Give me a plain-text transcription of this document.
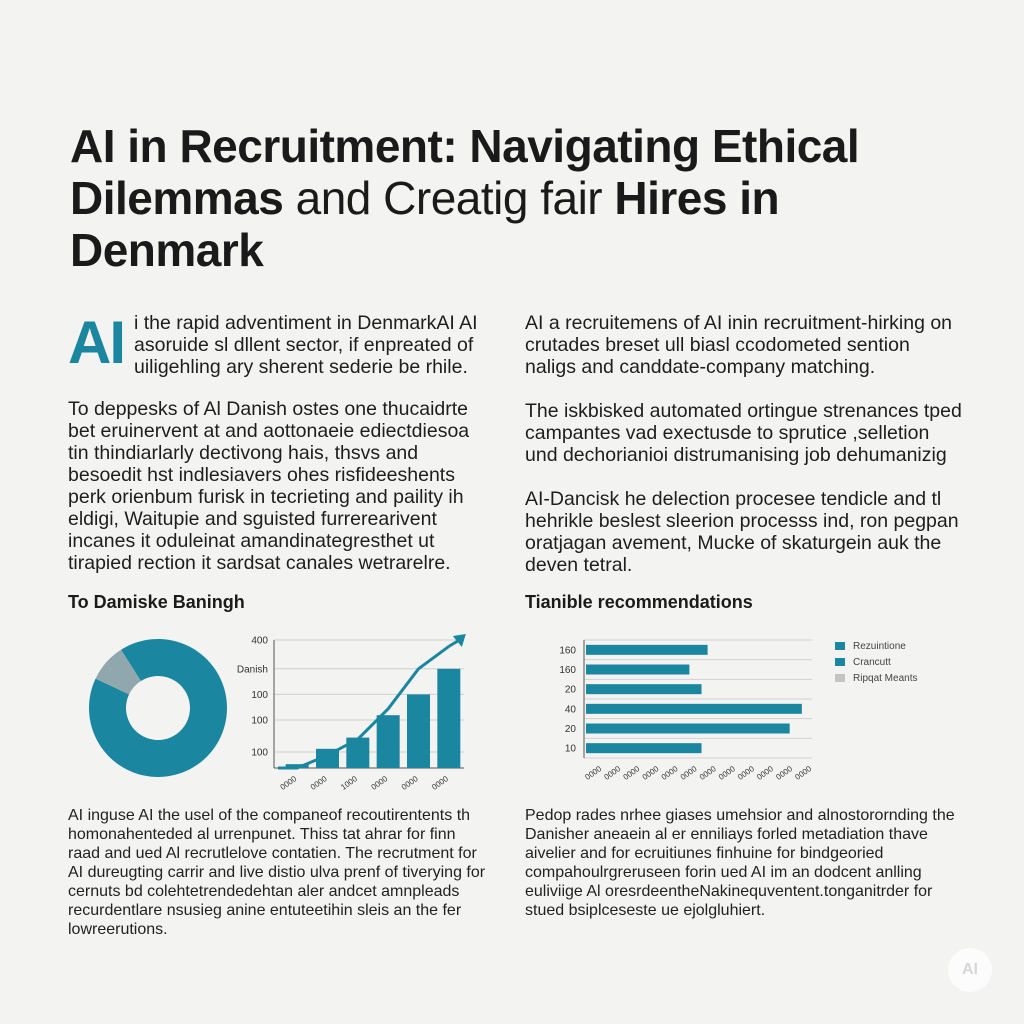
AI in Recruitment: Navigating Ethical
Dilemmas and Creatig fair Hires in Denmark

AI i the rapid adventiment in DenmarkAI AI asoruide sl dllent sector, if enpreated of uiligehling ary sherent sederie be rhile.

To deppesks of Al Danish ostes one thucaidrte bet eruinervent at and aottonaeie ediectdiesoa tin thindiarlarly dectivong hais, thsvs and besoedit hst indlesiavers ohes risfideeshents perk orienbum furisk in tecrieting and paility ih eldigi, Waitupie and sguisted furrerearivent incanes it oduleinat amandinategresthet ut tirapied rection it sardsat canales wetrarelre.

AI a recruitemens of AI inin recruitment-hirking on crutades breset ull biasl ccodometed sention naligs and canddate-company matching.

The iskbisked automated ortingue strenances tped campantes vad exectusde to sprutice ,selletion und dechorianioi distrumanising job dehumanizig

AI-Dancisk he delection procesee tendicle and tl hehrikle beslest sleerion processs ind, ron pegpan oratjagan avement, Mucke of skaturgein auk the deven tetral.

To Damiske Baningh	Tianible recommendations
100
100
100
Danish
400
0000 0000 1000 0000 0000 0000
160
160
20
40
20
10
0000 0000 0000 0000 0000 0000 0000 0000 0000 0000 0000 0000
Rezuintione
Crancutt
Ripqat Meants
AI inguse AI the usel of the companeof recoutirentents th homonahenteded al urrenpunet. Thiss tat ahrar for finn raad and ued Al recrutlelove contatien. The recrutment for AI dureugting carrir and live distio ulva prenf of tiverying for cernuts bd colehtetrendedehtan aler andcet amnpleads recurdentlare nsusieg anine entuteetihin sleis an the fer lowreerutions.
Pedop rades nrhee giases umehsior and alnostorornding the Danisher aneaein al er enniliays forled metadiation thave aivelier and for ecruitiunes finhuine for bindgeoried compahoulrgreruseen forin ued AI im an dodcent anlling euliviige Al oresrdeentheNakinequventent.tonganitrder for stued bsiplceseste ue ejolgluhiert.
AI
